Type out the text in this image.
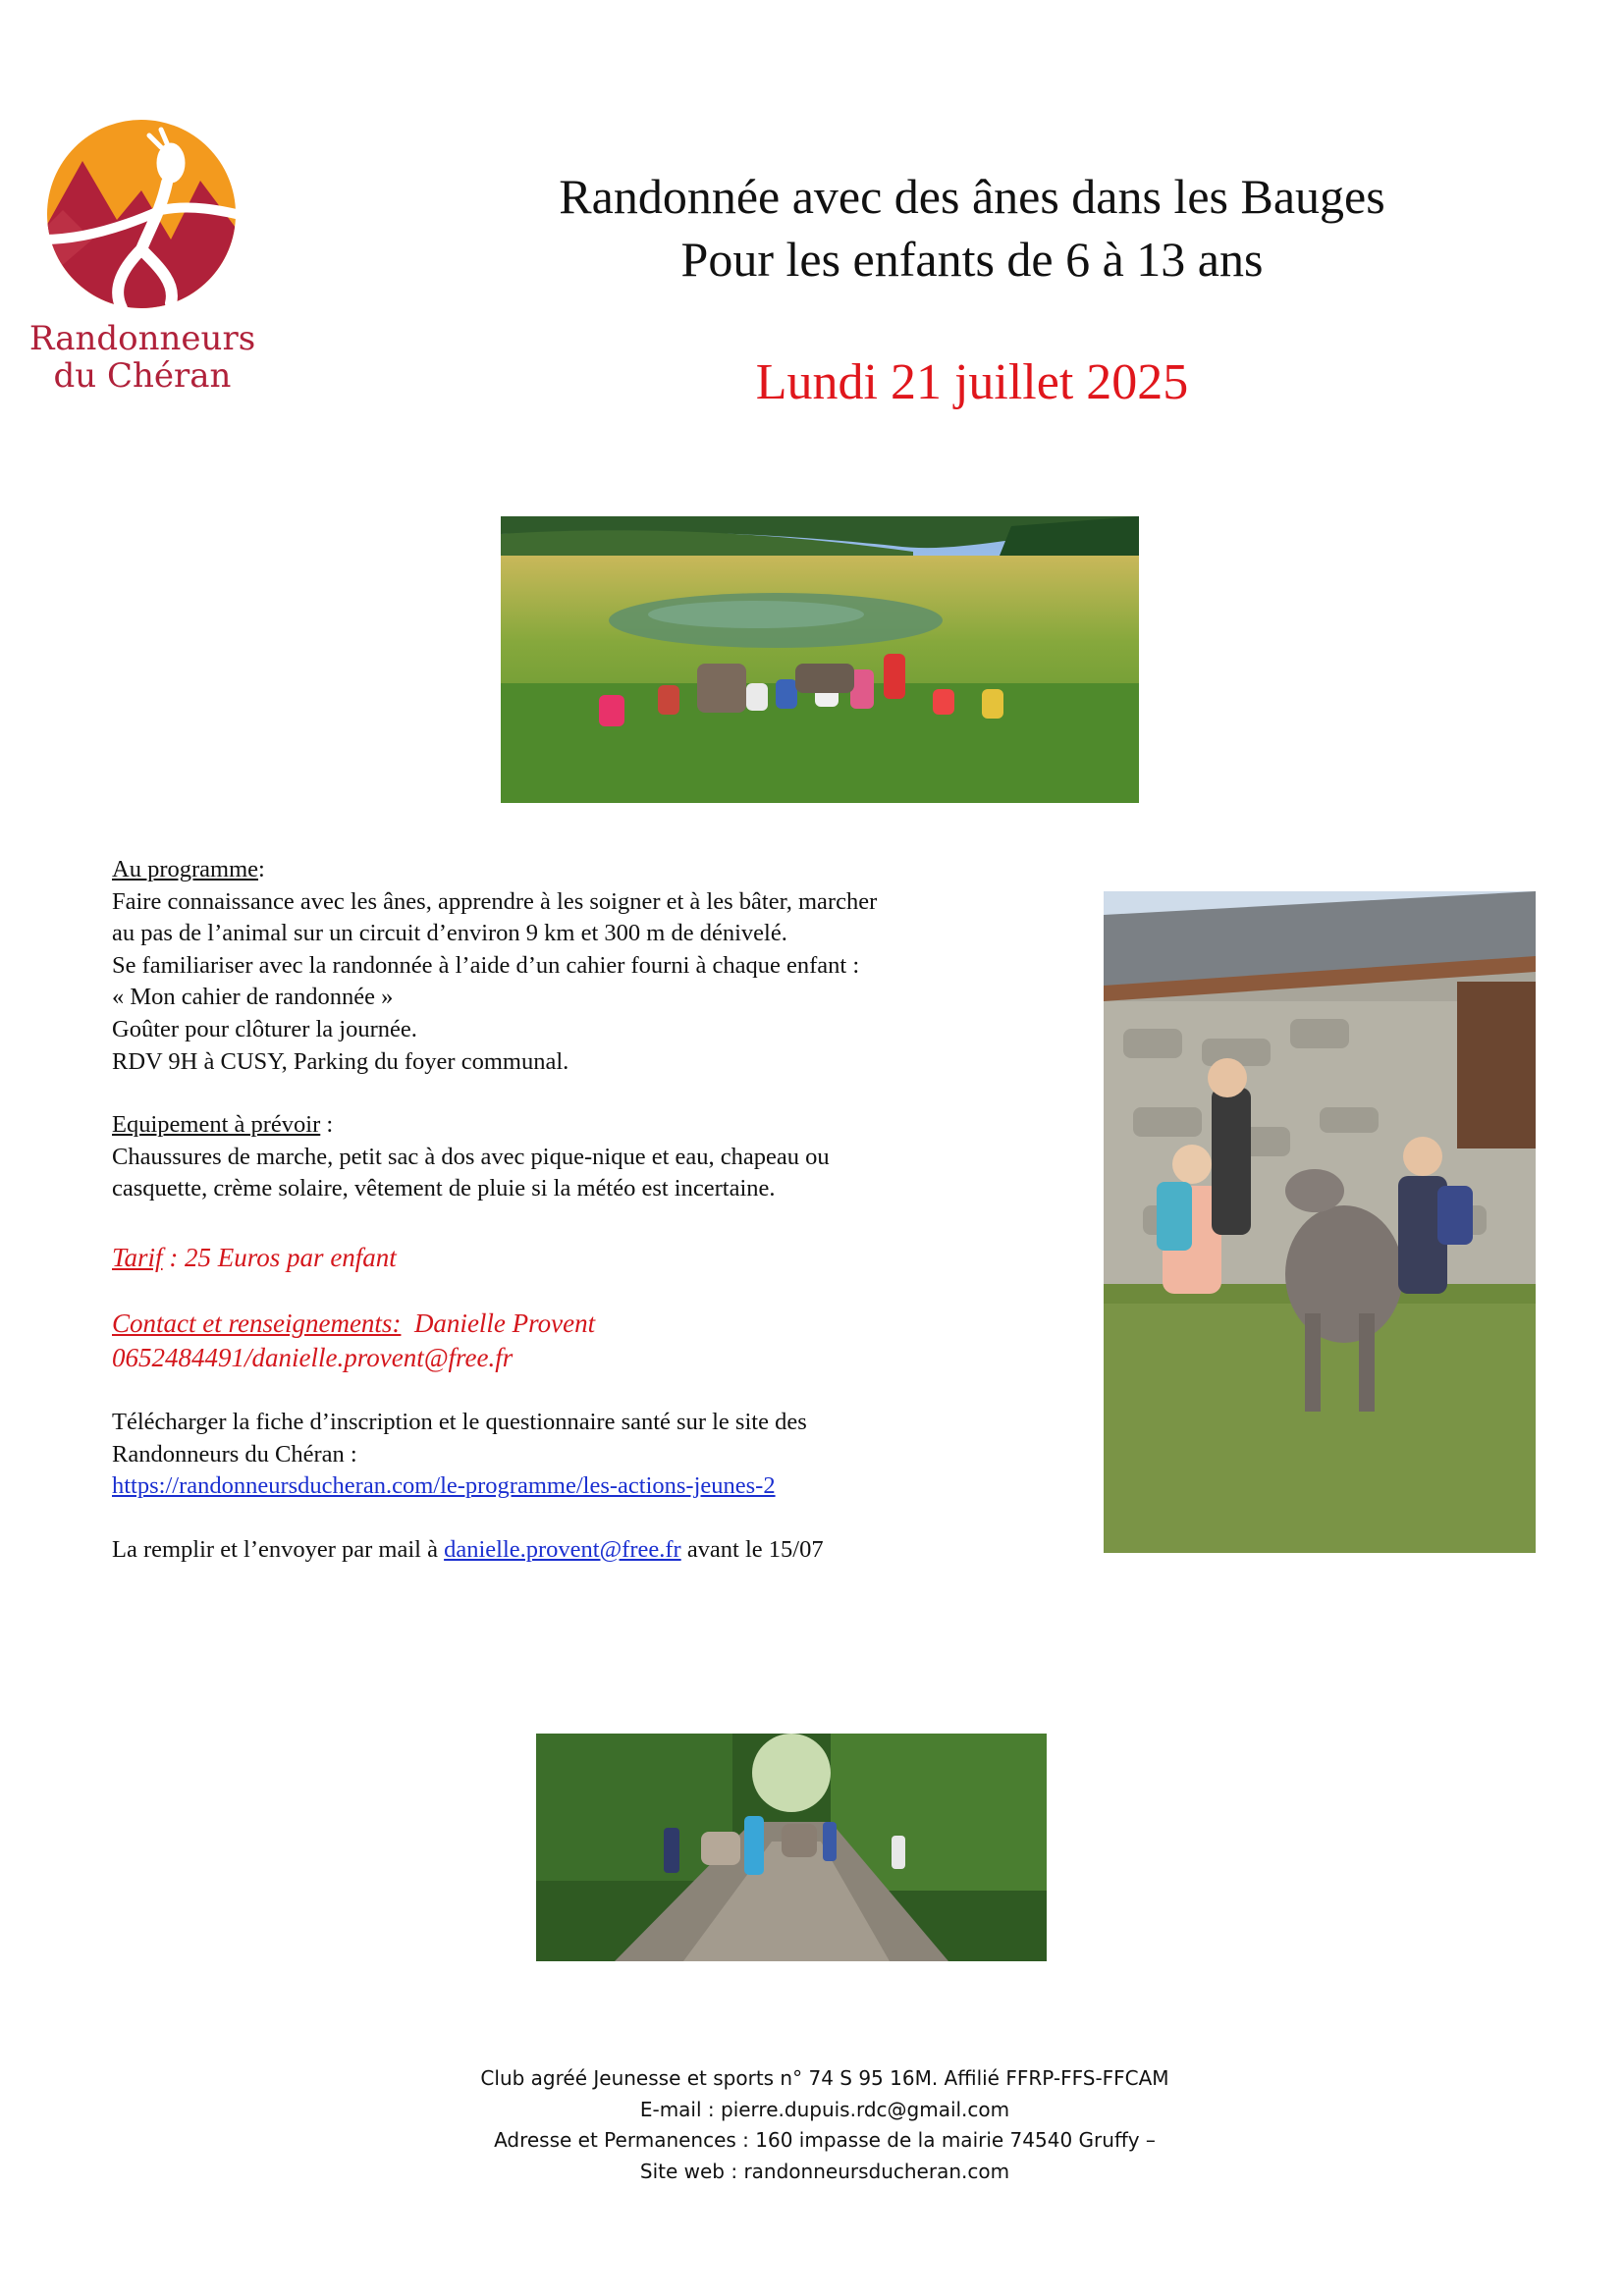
Randonneurs
du Chéran
Randonnée avec des ânes dans les Bauges
Pour les enfants de 6 à 13 ans
Lundi 21 juillet 2025

Au programme:

Faire connaissance avec les ânes, apprendre à les soigner et à les bâter, marcher

au pas de l’animal sur un circuit d’environ 9 km et 300 m de dénivelé.

Se familiariser avec la randonnée à l’aide d’un cahier fourni à chaque enfant :

« Mon cahier de randonnée »

Goûter pour clôturer la journée.

RDV 9H à CUSY, Parking du foyer communal.

Equipement à prévoir :

Chaussures de marche, petit sac à dos avec pique-nique et eau, chapeau ou

casquette, crème solaire, vêtement de pluie si la météo est incertaine.

Tarif : 25 Euros par enfant

Contact et renseignements:  Danielle Provent

0652484491/danielle.provent@free.fr

Télécharger la fiche d’inscription et le questionnaire santé sur le site des

Randonneurs du Chéran :

https://randonneursducheran.com/le-programme/les-actions-jeunes-2

La remplir et l’envoyer par mail à danielle.provent@free.fr avant le 15/07

Club agréé Jeunesse et sports n° 74 S 95 16M. Affilié FFRP-FFS-FFCAM
E-mail : pierre.dupuis.rdc@gmail.com
Adresse et Permanences : 160 impasse de la mairie 74540 Gruffy –
Site web : randonneursducheran.com
